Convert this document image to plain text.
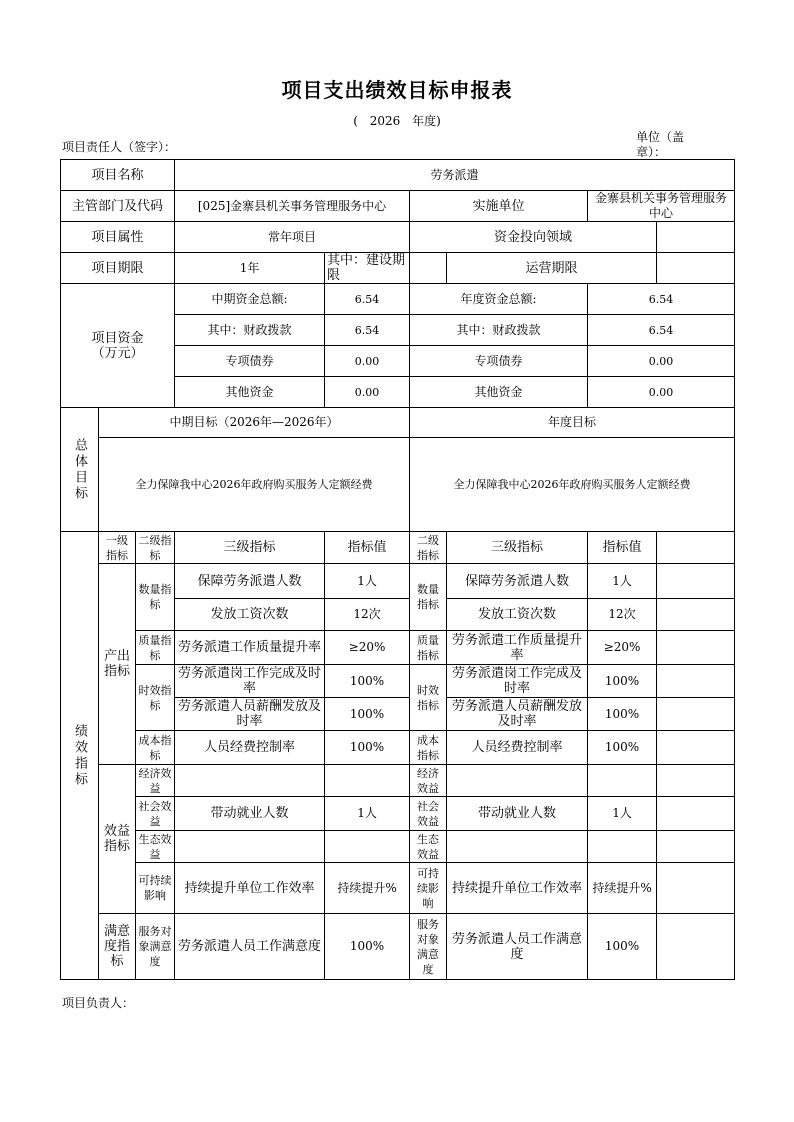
项目支出绩效目标申报表
( 2026 年度)
项目责任人（签字）：
单位（盖章）：
项目名称			劳务派遣					
主管部门及代码			[025]金寨县机关事务管理服务中心		实施单位		金寨县机关事务管理服务中心	
项目属性			常年项目		资金投向领域			
项目期限			1年	其中：建设期限		运营期限		
项目资金
（万元）			中期资金总额:	6.54	年度资金总额:		6.54	
			其中：财政拨款	6.54	其中：财政拨款		6.54	
			专项债券	0.00	专项债券		0.00	
			其他资金	0.00	其他资金		0.00	
总体目标	中期目标（2026年—2026年）				年度目标			
	全力保障我中心2026年政府购买服务人定额经费				全力保障我中心2026年政府购买服务人定额经费			
绩效指标	一级指标	二级指标	三级指标	指标值	二级指标	三级指标	指标值	
	产出指标	数量指标	保障劳务派遣人数	1人	数量指标	保障劳务派遣人数	1人	
			发放工资次数	12次		发放工资次数	12次	
		质量指标	劳务派遣工作质量提升率	≥20%	质量指标	劳务派遣工作质量提升率	≥20%	
		时效指标	劳务派遣岗工作完成及时率	100%	时效指标	劳务派遣岗工作完成及时率	100%	
			劳务派遣人员薪酬发放及时率	100%		劳务派遣人员薪酬发放及时率	100%	
		成本指标	人员经费控制率	100%	成本指标	人员经费控制率	100%	
	效益指标	经济效益			经济效益			
		社会效益	带动就业人数	1人	社会效益	带动就业人数	1人	
		生态效益			生态效益			
		可持续影响	持续提升单位工作效率	持续提升%	可持续影响	持续提升单位工作效率	持续提升%	
	满意度指标	服务对象满意度	劳务派遣人员工作满意度	100%	服务对象满意度	劳务派遣人员工作满意度	100%	
项目负责人：
